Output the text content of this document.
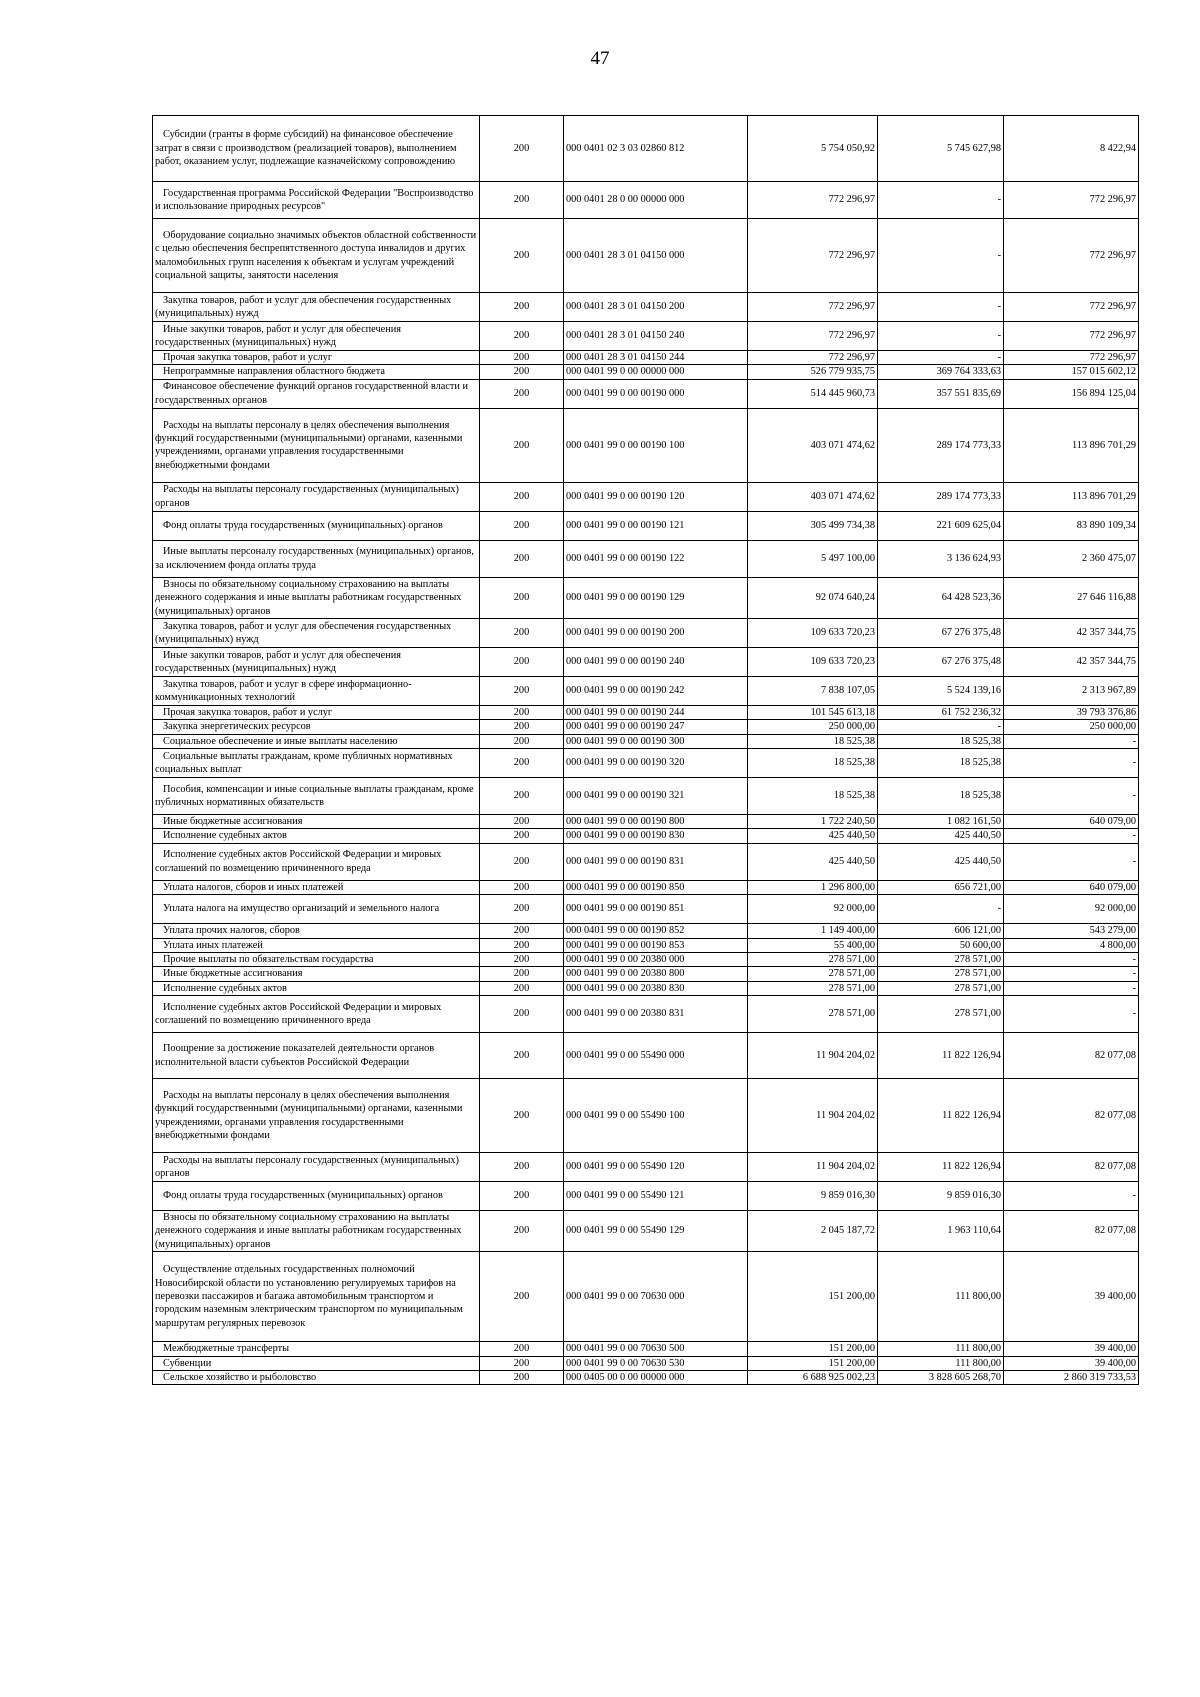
47
Субсидии (гранты в форме субсидий) на финансовое обеспечение затрат в связи с производством (реализацией товаров), выполнением работ, оказанием услуг, подлежащие казначейскому сопровождению	200	000 0401 02 3 03 02860 812	5 754 050,92	5 745 627,98	8 422,94
Государственная программа Российской Федерации "Воспроизводство и использование природных ресурсов"	200	000 0401 28 0 00 00000 000	772 296,97	-	772 296,97
Оборудование социально значимых объектов областной собственности с целью обеспечения беспрепятственного доступа инвалидов и других маломобильных групп населения к объектам и услугам учреждений социальной защиты, занятости населения	200	000 0401 28 3 01 04150 000	772 296,97	-	772 296,97
Закупка товаров, работ и услуг для обеспечения государственных (муниципальных) нужд	200	000 0401 28 3 01 04150 200	772 296,97	-	772 296,97
Иные закупки товаров, работ и услуг для обеспечения государственных (муниципальных) нужд	200	000 0401 28 3 01 04150 240	772 296,97	-	772 296,97
Прочая закупка товаров, работ и услуг	200	000 0401 28 3 01 04150 244	772 296,97	-	772 296,97
Непрограммные направления областного бюджета	200	000 0401 99 0 00 00000 000	526 779 935,75	369 764 333,63	157 015 602,12
Финансовое обеспечение функций органов государственной власти и государственных органов	200	000 0401 99 0 00 00190 000	514 445 960,73	357 551 835,69	156 894 125,04
Расходы на выплаты персоналу в целях обеспечения выполнения функций государственными (муниципальными) органами, казенными учреждениями, органами управления государственными внебюджетными фондами	200	000 0401 99 0 00 00190 100	403 071 474,62	289 174 773,33	113 896 701,29
Расходы на выплаты персоналу государственных (муниципальных) органов	200	000 0401 99 0 00 00190 120	403 071 474,62	289 174 773,33	113 896 701,29
Фонд оплаты труда государственных (муниципальных) органов	200	000 0401 99 0 00 00190 121	305 499 734,38	221 609 625,04	83 890 109,34
Иные выплаты персоналу государственных (муниципальных) органов, за исключением фонда оплаты труда	200	000 0401 99 0 00 00190 122	5 497 100,00	3 136 624,93	2 360 475,07
Взносы по обязательному социальному страхованию на выплаты денежного содержания и иные выплаты работникам государственных (муниципальных) органов	200	000 0401 99 0 00 00190 129	92 074 640,24	64 428 523,36	27 646 116,88
Закупка товаров, работ и услуг для обеспечения государственных (муниципальных) нужд	200	000 0401 99 0 00 00190 200	109 633 720,23	67 276 375,48	42 357 344,75
Иные закупки товаров, работ и услуг для обеспечения государственных (муниципальных) нужд	200	000 0401 99 0 00 00190 240	109 633 720,23	67 276 375,48	42 357 344,75
Закупка товаров, работ и услуг в сфере информационно-коммуникационных технологий	200	000 0401 99 0 00 00190 242	7 838 107,05	5 524 139,16	2 313 967,89
Прочая закупка товаров, работ и услуг	200	000 0401 99 0 00 00190 244	101 545 613,18	61 752 236,32	39 793 376,86
Закупка энергетических ресурсов	200	000 0401 99 0 00 00190 247	250 000,00	-	250 000,00
Социальное обеспечение и иные выплаты населению	200	000 0401 99 0 00 00190 300	18 525,38	18 525,38	-
Социальные выплаты гражданам, кроме публичных нормативных социальных выплат	200	000 0401 99 0 00 00190 320	18 525,38	18 525,38	-
Пособия, компенсации и иные социальные выплаты гражданам, кроме публичных нормативных обязательств	200	000 0401 99 0 00 00190 321	18 525,38	18 525,38	-
Иные бюджетные ассигнования	200	000 0401 99 0 00 00190 800	1 722 240,50	1 082 161,50	640 079,00
Исполнение судебных актов	200	000 0401 99 0 00 00190 830	425 440,50	425 440,50	-
Исполнение судебных актов Российской Федерации и мировых соглашений по возмещению причиненного вреда	200	000 0401 99 0 00 00190 831	425 440,50	425 440,50	-
Уплата налогов, сборов и иных платежей	200	000 0401 99 0 00 00190 850	1 296 800,00	656 721,00	640 079,00
Уплата налога на имущество организаций и земельного налога	200	000 0401 99 0 00 00190 851	92 000,00	-	92 000,00
Уплата прочих налогов, сборов	200	000 0401 99 0 00 00190 852	1 149 400,00	606 121,00	543 279,00
Уплата иных платежей	200	000 0401 99 0 00 00190 853	55 400,00	50 600,00	4 800,00
Прочие выплаты по обязательствам государства	200	000 0401 99 0 00 20380 000	278 571,00	278 571,00	-
Иные бюджетные ассигнования	200	000 0401 99 0 00 20380 800	278 571,00	278 571,00	-
Исполнение судебных актов	200	000 0401 99 0 00 20380 830	278 571,00	278 571,00	-
Исполнение судебных актов Российской Федерации и мировых соглашений по возмещению причиненного вреда	200	000 0401 99 0 00 20380 831	278 571,00	278 571,00	-
Поощрение за достижение показателей деятельности органов исполнительной власти субъектов Российской Федерации	200	000 0401 99 0 00 55490 000	11 904 204,02	11 822 126,94	82 077,08
Расходы на выплаты персоналу в целях обеспечения выполнения функций государственными (муниципальными) органами, казенными учреждениями, органами управления государственными внебюджетными фондами	200	000 0401 99 0 00 55490 100	11 904 204,02	11 822 126,94	82 077,08
Расходы на выплаты персоналу государственных (муниципальных) органов	200	000 0401 99 0 00 55490 120	11 904 204,02	11 822 126,94	82 077,08
Фонд оплаты труда государственных (муниципальных) органов	200	000 0401 99 0 00 55490 121	9 859 016,30	9 859 016,30	-
Взносы по обязательному социальному страхованию на выплаты денежного содержания и иные выплаты работникам государственных (муниципальных) органов	200	000 0401 99 0 00 55490 129	2 045 187,72	1 963 110,64	82 077,08
Осуществление отдельных государственных полномочий Новосибирской области по установлению регулируемых тарифов на перевозки пассажиров и багажа автомобильным транспортом и городским наземным электрическим транспортом по муниципальным маршрутам регулярных перевозок	200	000 0401 99 0 00 70630 000	151 200,00	111 800,00	39 400,00
Межбюджетные трансферты	200	000 0401 99 0 00 70630 500	151 200,00	111 800,00	39 400,00
Субвенции	200	000 0401 99 0 00 70630 530	151 200,00	111 800,00	39 400,00
Сельское хозяйство и рыболовство	200	000 0405 00 0 00 00000 000	6 688 925 002,23	3 828 605 268,70	2 860 319 733,53
